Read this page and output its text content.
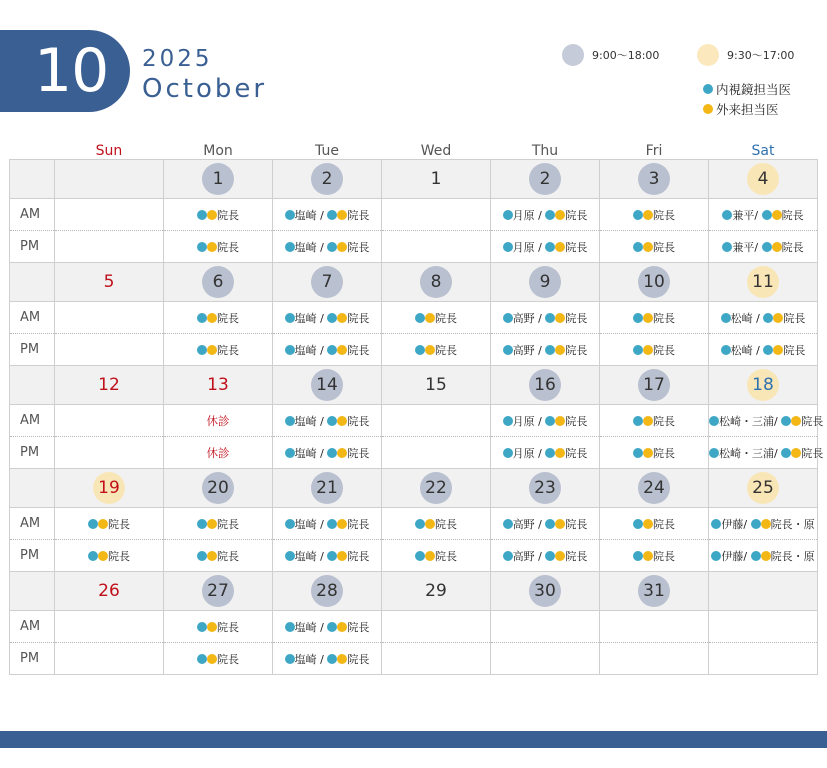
10 2025
October
9:00〜18:00	9:30〜17:00
内視鏡担当医
外来担当医
	Sun	Mon	Tue	Wed	Thu	Fri	Sat
		1	2	1	2	3	4
AM		院長	塩崎 / 院長		月原 / 院長	院長	兼平/ 院長
PM		院長	塩崎 / 院長		月原 / 院長	院長	兼平/ 院長
	5	6	7	8	9	10	11
AM		院長	塩崎 / 院長	院長	高野 / 院長	院長	松崎 / 院長
PM		院長	塩崎 / 院長	院長	高野 / 院長	院長	松崎 / 院長
	12	13	14	15	16	17	18
AM		休診	塩崎 / 院長		月原 / 院長	院長	松崎・三浦/ 院長
PM		休診	塩崎 / 院長		月原 / 院長	院長	松崎・三浦/ 院長
	19	20	21	22	23	24	25
AM	院長	院長	塩崎 / 院長	院長	高野 / 院長	院長	伊藤/ 院長・原
PM	院長	院長	塩崎 / 院長	院長	高野 / 院長	院長	伊藤/ 院長・原
	26	27	28	29	30	31	
AM		院長	塩崎 / 院長				
PM		院長	塩崎 / 院長				
